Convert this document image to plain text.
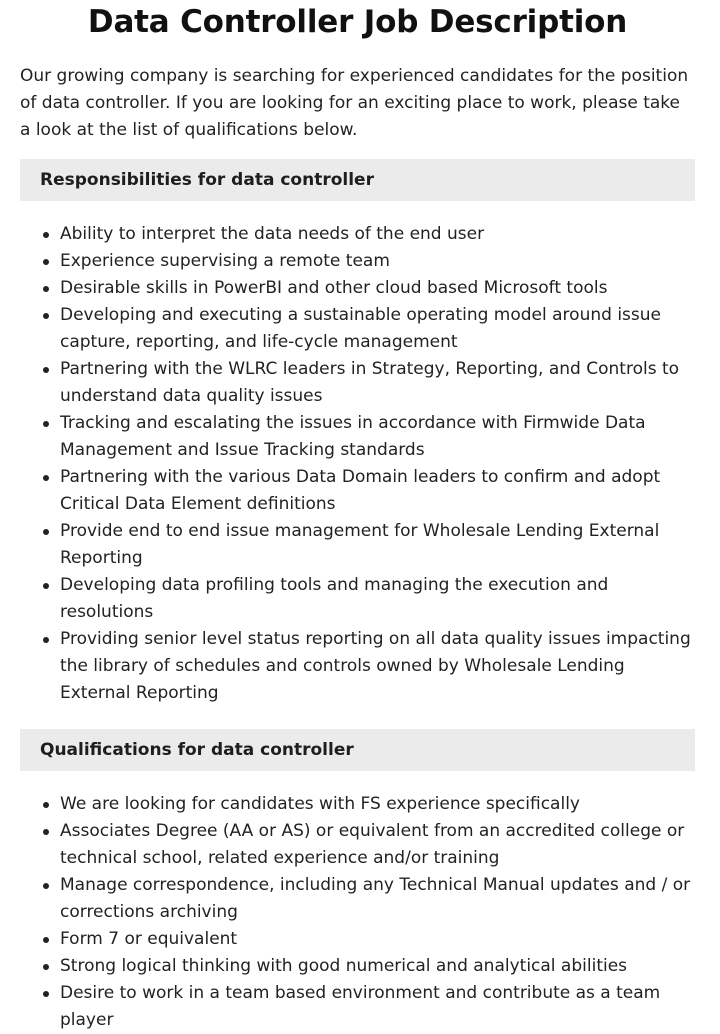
Data Controller Job Description

Our growing company is searching for experienced candidates for the position of data controller. If you are looking for an exciting place to work, please take a look at the list of qualifications below.

Responsibilities for data controller
Ability to interpret the data needs of the end user
Experience supervising a remote team
Desirable skills in PowerBI and other cloud based Microsoft tools
Developing and executing a sustainable operating model around issue capture, reporting, and life-cycle management
Partnering with the WLRC leaders in Strategy, Reporting, and Controls to understand data quality issues
Tracking and escalating the issues in accordance with Firmwide Data Management and Issue Tracking standards
Partnering with the various Data Domain leaders to confirm and adopt Critical Data Element definitions
Provide end to end issue management for Wholesale Lending External Reporting
Developing data profiling tools and managing the execution and resolutions
Providing senior level status reporting on all data quality issues impacting the library of schedules and controls owned by Wholesale Lending External Reporting
Qualifications for data controller
We are looking for candidates with FS experience specifically
Associates Degree (AA or AS) or equivalent from an accredited college or technical school, related experience and/or training
Manage correspondence, including any Technical Manual updates and / or corrections archiving
Form 7 or equivalent
Strong logical thinking with good numerical and analytical abilities
Desire to work in a team based environment and contribute as a team player
